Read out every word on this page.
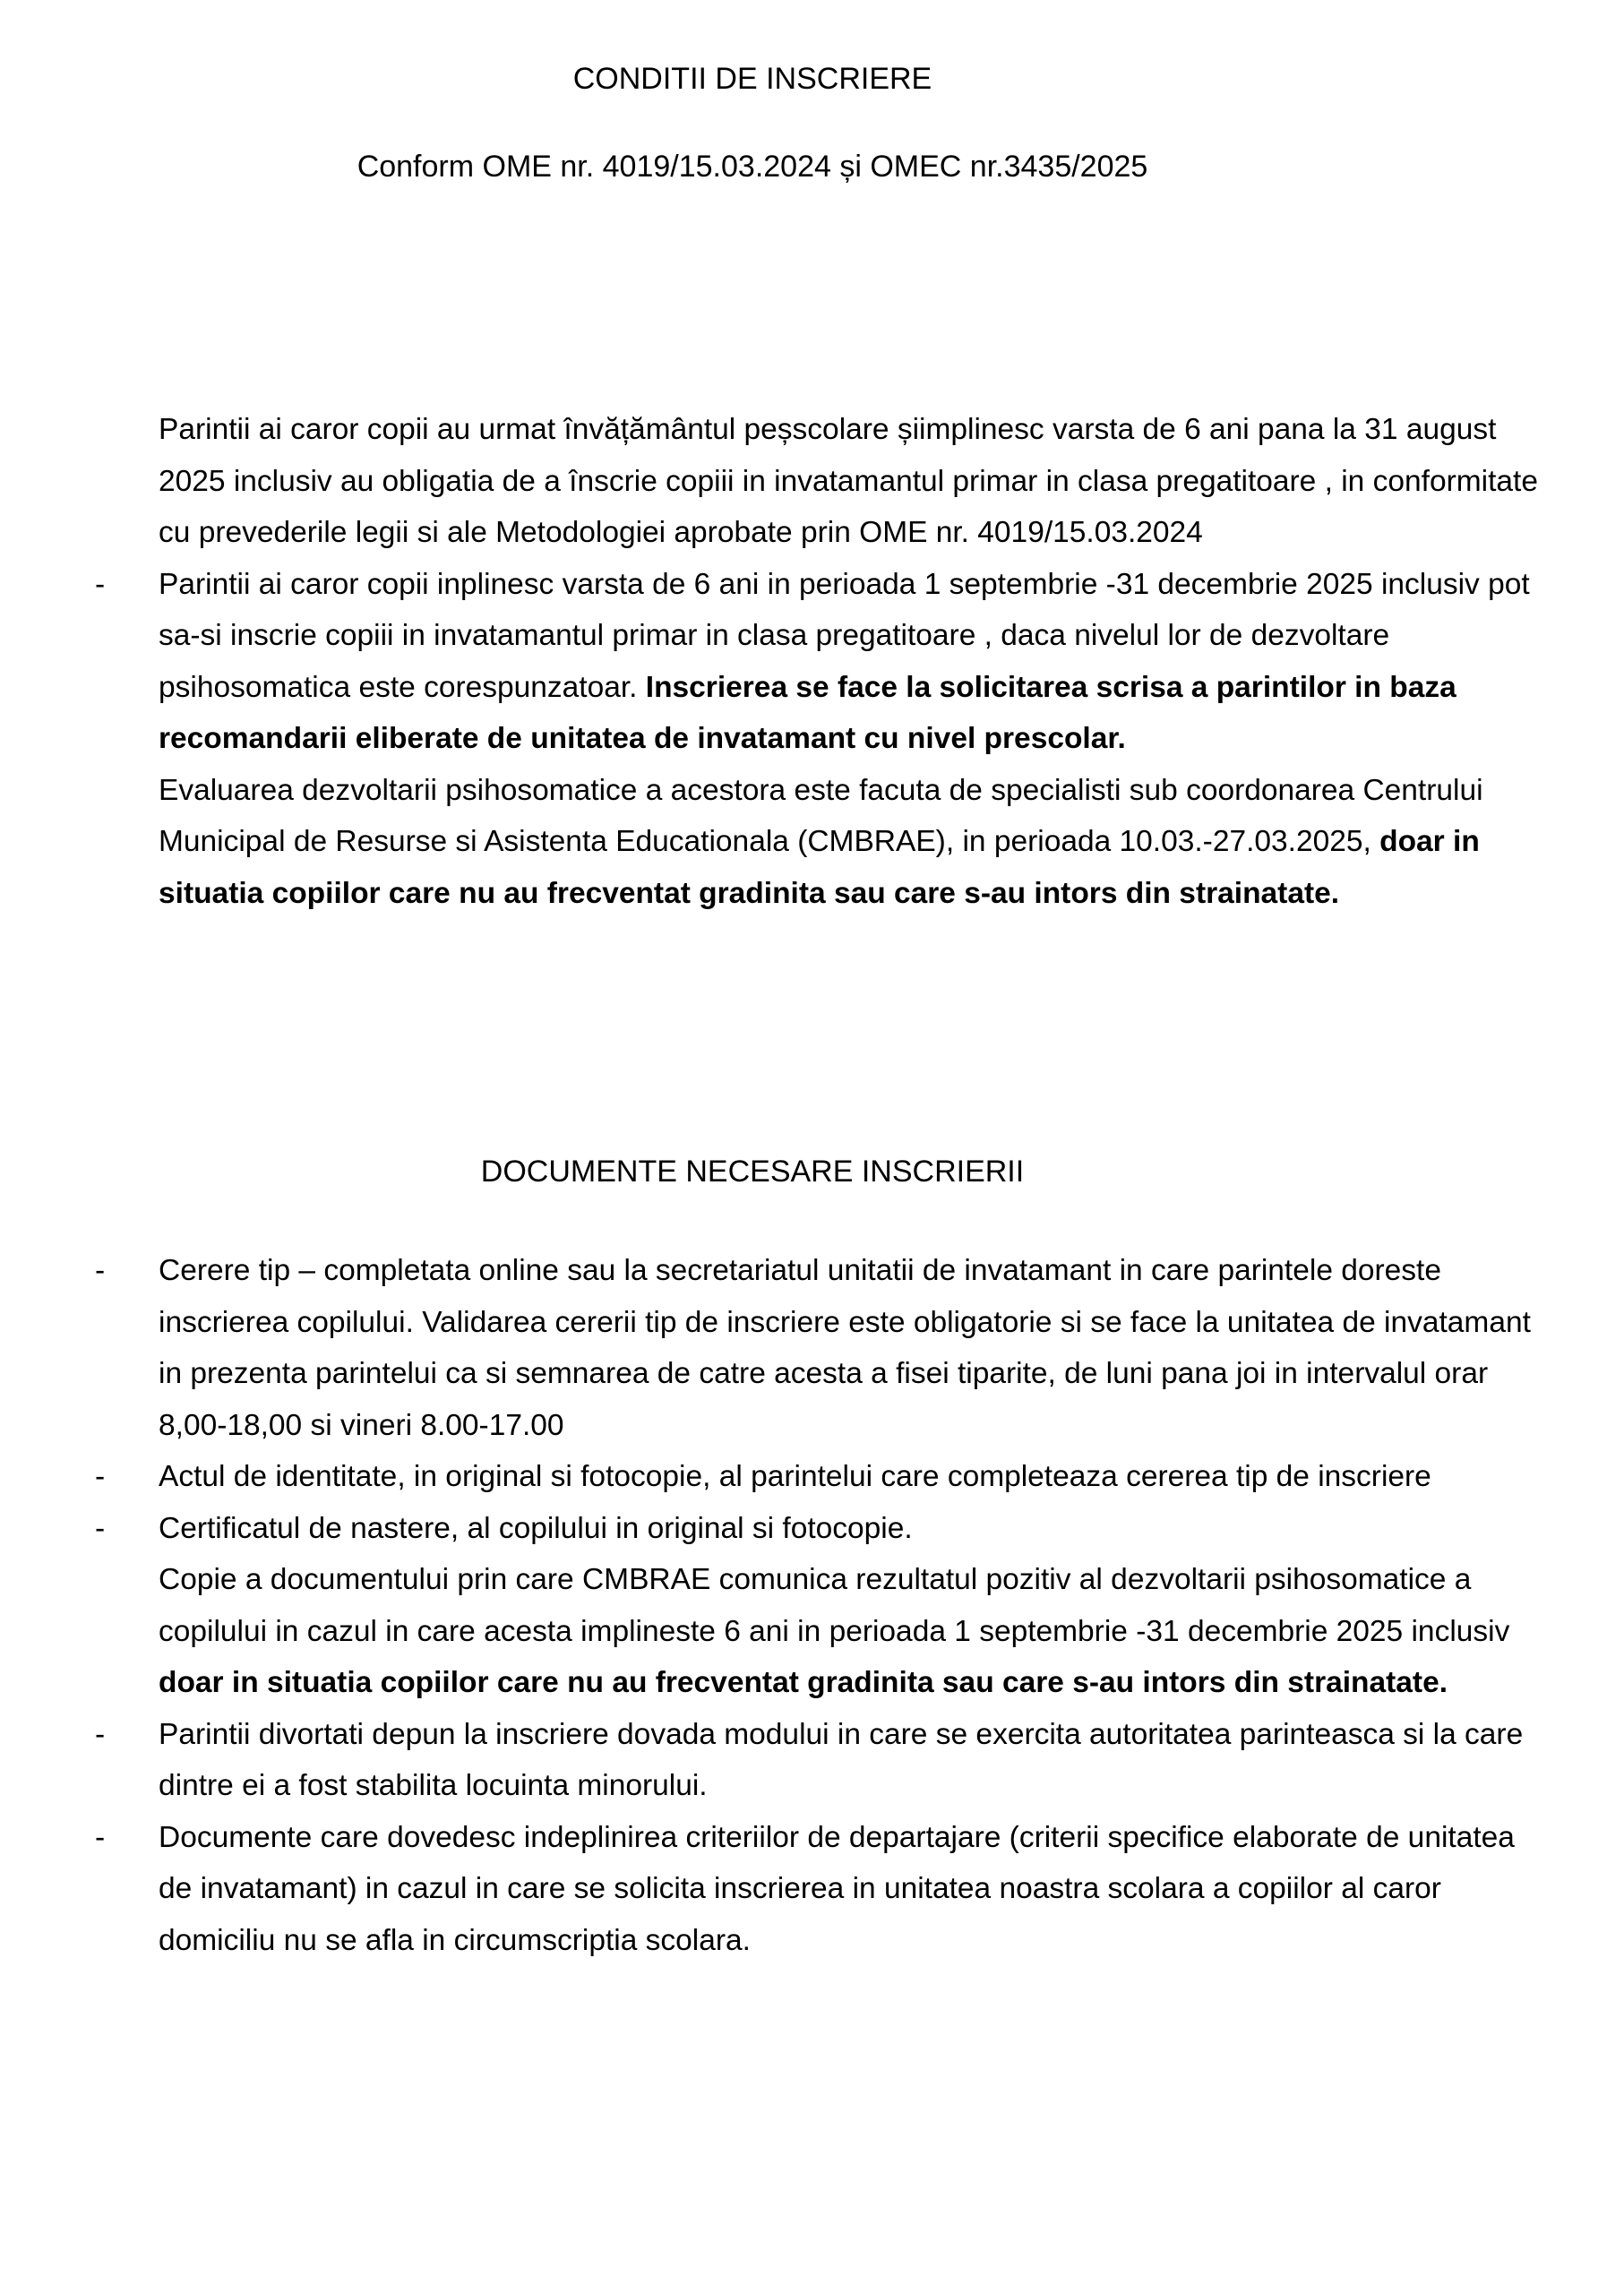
CONDITII DE INSCRIERE
Conform OME nr. 4019/15.03.2024 și OMEC nr.3435/2025

Parintii ai caror copii au urmat învățământul peșscolare șiimplinesc varsta de 6 ani pana la 31 august 2025 inclusiv au obligatia de a înscrie copiii in invatamantul primar in clasa pregatitoare , in conformitate cu prevederile legii si ale Metodologiei aprobate prin OME nr. 4019/15.03.2024

-	Parintii ai caror copii inplinesc varsta de 6 ani in perioada 1 septembrie -31 decembrie 2025 inclusiv pot sa-si inscrie copiii in invatamantul primar in clasa pregatitoare , daca nivelul lor de dezvoltare psihosomatica este corespunzatoar. Inscrierea se face la solicitarea scrisa a parintilor in baza recomandarii eliberate de unitatea de invatamant cu nivel prescolar.

Evaluarea dezvoltarii psihosomatice a acestora este facuta de specialisti sub coordonarea Centrului Municipal de Resurse si Asistenta Educationala (CMBRAE), in perioada 10.03.-27.03.2025, doar in situatia copiilor care nu au frecventat gradinita sau care s-au intors din strainatate.

DOCUMENTE NECESARE INSCRIERII
-	Cerere tip – completata online sau la secretariatul unitatii de invatamant in care parintele doreste inscrierea copilului. Validarea cererii tip de inscriere este obligatorie si se face la unitatea de invatamant in prezenta parintelui ca si semnarea de catre acesta a fisei tiparite, de luni pana joi in intervalul orar 8,00-18,00 si vineri 8.00-17.00

-	Actul de identitate, in original si fotocopie, al parintelui care completeaza cererea tip de inscriere

-	Certificatul de nastere, al copilului in original si fotocopie.

Copie a documentului prin care CMBRAE comunica rezultatul pozitiv al dezvoltarii psihosomatice a copilului in cazul in care acesta implineste 6 ani in perioada 1 septembrie -31 decembrie 2025 inclusiv doar in situatia copiilor care nu au frecventat gradinita sau care s-au intors din strainatate.

-	Parintii divortati depun la inscriere dovada modului in care se exercita autoritatea parinteasca si la care dintre ei a fost stabilita locuinta minorului.

-	Documente care dovedesc indeplinirea criteriilor de departajare (criterii specifice elaborate de unitatea de invatamant) in cazul in care se solicita inscrierea in unitatea noastra scolara a copiilor al caror domiciliu nu se afla in circumscriptia scolara.
